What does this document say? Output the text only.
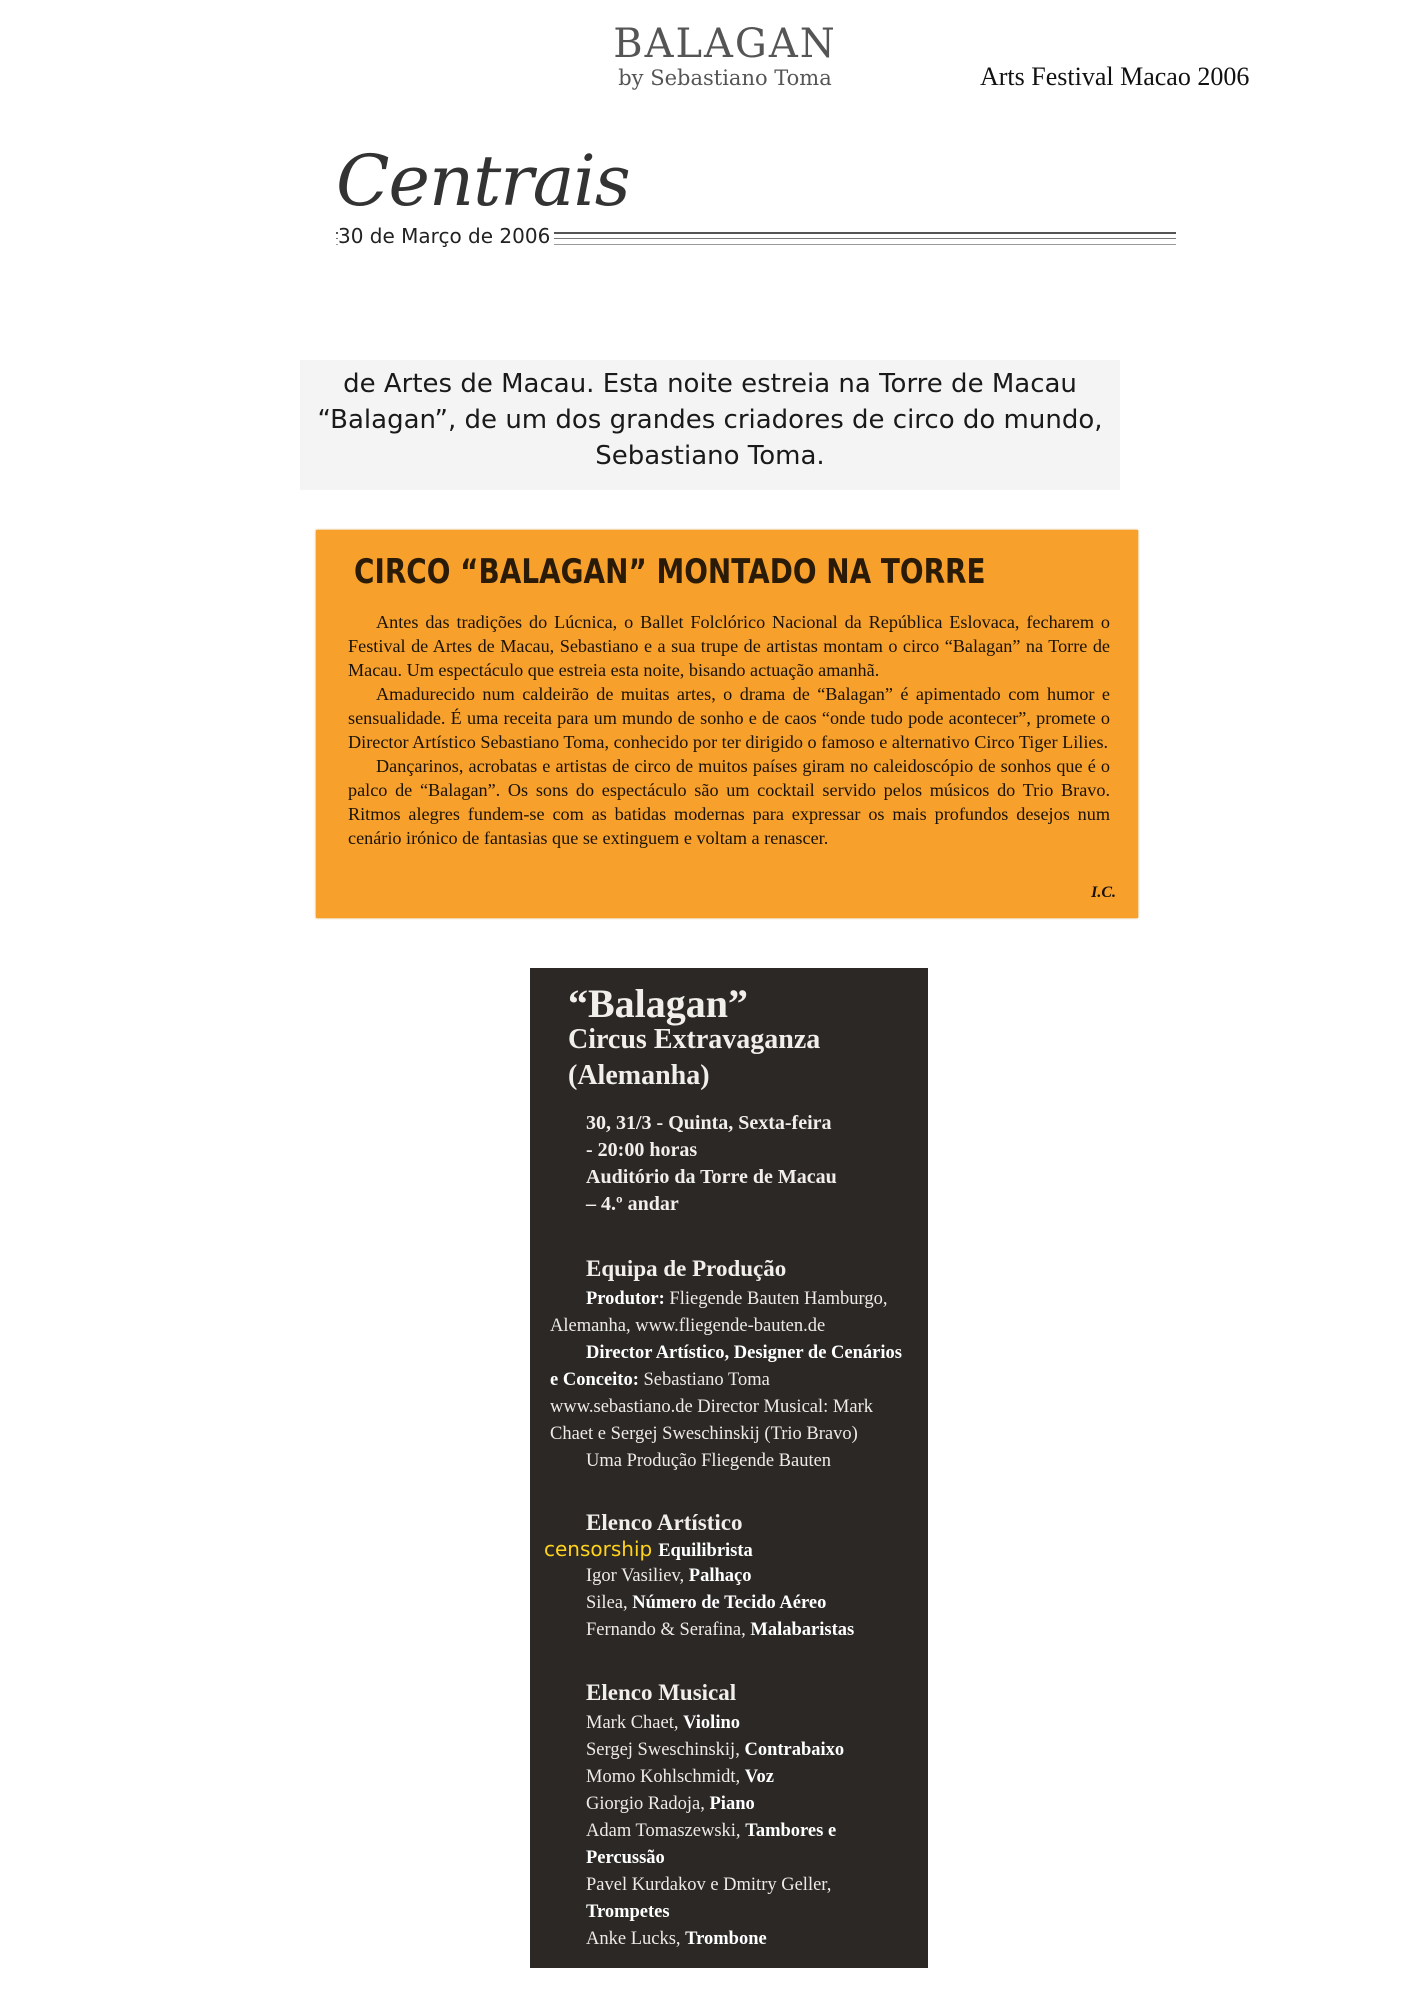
BALAGAN
by Sebastiano Toma	Arts Festival Macao 2006
Centrais
30 de Março de 2006

de Artes de Macau. Esta noite estreia na Torre de Macau

“Balagan”, de um dos grandes criadores de circo do mundo,

Sebastiano Toma.

CIRCO “BALAGAN” MONTADO NA TORRE

Antes das tradições do Lúcnica, o Ballet Folclórico Nacional da República Eslovaca, fecharem o Festival de Artes de Macau, Sebastiano e a sua trupe de artistas montam o circo “Balagan” na Torre de Macau. Um espectáculo que estreia esta noite, bisando actuação amanhã.

Amadurecido num caldeirão de muitas artes, o drama de “Balagan” é apimentado com humor e sensualidade. É uma receita para um mundo de sonho e de caos “onde tudo pode acontecer”, promete o Director Artístico Sebastiano Toma, conhecido por ter dirigido o famoso e alternativo Circo Tiger Lilies.

Dançarinos, acrobatas e artistas de circo de muitos países giram no caleidoscópio de sonhos que é o palco de “Balagan”. Os sons do espectáculo são um cocktail servido pelos músicos do Trio Bravo. Ritmos alegres fundem-se com as batidas modernas para expressar os mais profundos desejos num cenário irónico de fantasias que se extinguem e voltam a renascer.

I.C.
“Balagan”
Circus Extravaganza
(Alemanha)
30, 31/3 - Quinta, Sexta-feira
- 20:00 horas
Auditório da Torre de Macau
– 4.º andar
Equipa de Produção
Produtor: Fliegende Bauten Hamburgo, Alemanha, www.fliegende-bauten.de
Director Artístico, Designer de Cenários e Conceito: Sebastiano Toma www.sebastiano.de Director Musical: Mark Chaet e Sergej Sweschinskij (Trio Bravo)
Uma Produção Fliegende Bauten
Elenco Artístico
censorship Equilibrista
Igor Vasiliev, Palhaço
Silea, Número de Tecido Aéreo
Fernando & Serafina, Malabaristas
Elenco Musical
Mark Chaet, Violino
Sergej Sweschinskij, Contrabaixo
Momo Kohlschmidt, Voz
Giorgio Radoja, Piano
Adam Tomaszewski, Tambores e Percussão
Pavel Kurdakov e Dmitry Geller, Trompetes
Anke Lucks, Trombone
